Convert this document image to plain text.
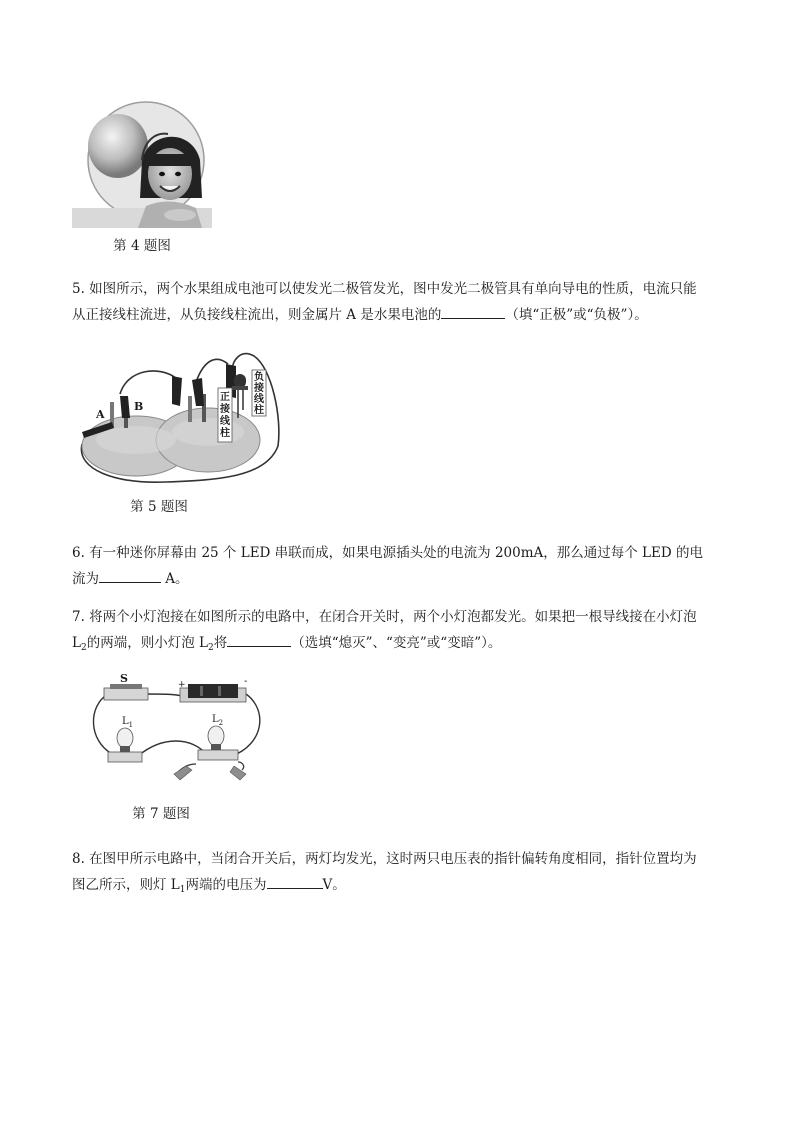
第 4 题图
5. 如图所示，两个水果组成电池可以使发光二极管发光，图中发光二极管具有单向导电的性质，电流只能
从正接线柱流进，从负接线柱流出，则金属片 A 是水果电池的	（填“正极”或“负极”）。
A
B
负接线柱
正接线柱
第 5 题图
6. 有一种迷你屏幕由 25 个 LED 串联而成，如果电源插头处的电流为 200mA，那么通过每个 LED 的电
流为	A。
7. 将两个小灯泡接在如图所示的电路中，在闭合开关时，两个小灯泡都发光。如果把一根导线接在小灯泡
$L_2$的两端，则小灯泡 $L_2$将	（选填“熄灭”、“变亮”或“变暗”）。
S	+	-
$L_1$	$L_2$
第 7 题图
8. 在图甲所示电路中，当闭合开关后，两灯均发光，这时两只电压表的指针偏转角度相同，指针位置均为
图乙所示，则灯 $L_1$两端的电压为	V。
